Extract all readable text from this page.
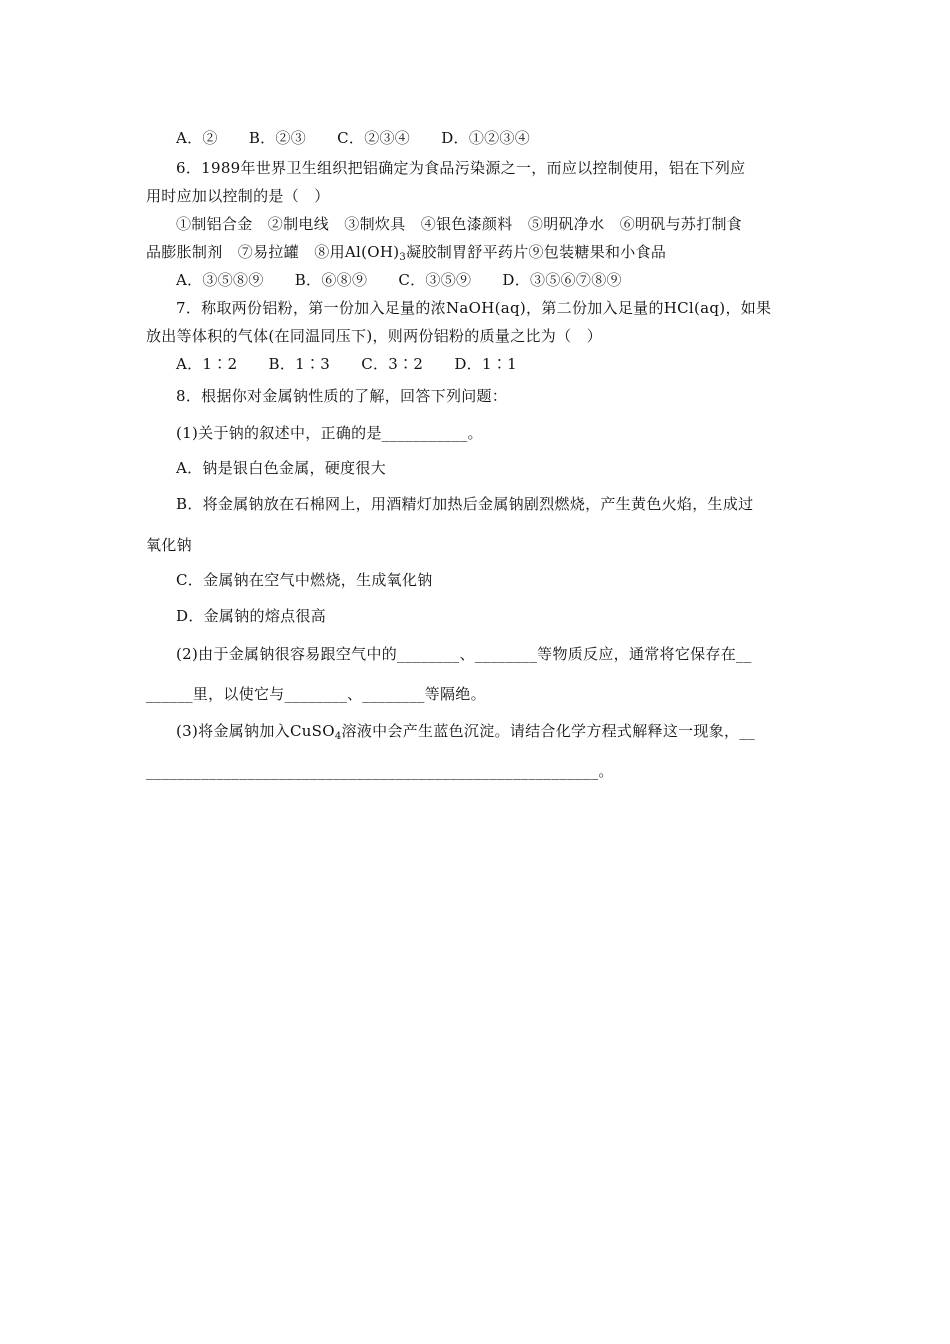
A．② B．②③ C．②③④ D．①②③④
6．1989年世界卫生组织把铝确定为食品污染源之一，而应以控制使用，铝在下列应
用时应加以控制的是（　）
①制铝合金　②制电线　③制炊具　④银色漆颜料　⑤明矾净水　⑥明矾与苏打制食
品膨胀制剂　⑦易拉罐　⑧用$Al(OH)_3$凝胶制胃舒平药片⑨包装糖果和小食品
A．③⑤⑧⑨ B．⑥⑧⑨ C．③⑤⑨ D．③⑤⑥⑦⑧⑨
7．称取两份铝粉，第一份加入足量的浓NaOH(aq)，第二份加入足量的HCl(aq)，如果
放出等体积的气体(在同温同压下)，则两份铝粉的质量之比为（　）
A．1∶2 B．1∶3 C．3∶2 D．1∶1
8．根据你对金属钠性质的了解，回答下列问题：
(1)关于钠的叙述中，正确的是___________。
A．钠是银白色金属，硬度很大
B．将金属钠放在石棉网上，用酒精灯加热后金属钠剧烈燃烧，产生黄色火焰，生成过
氧化钠
C．金属钠在空气中燃烧，生成氧化钠
D．金属钠的熔点很高
(2)由于金属钠很容易跟空气中的________、________等物质反应，通常将它保存在__
______里，以使它与________、________等隔绝。
(3)将金属钠加入CuSO$_4$溶液中会产生蓝色沉淀。请结合化学方程式解释这一现象，__
__________________________________________________________。
